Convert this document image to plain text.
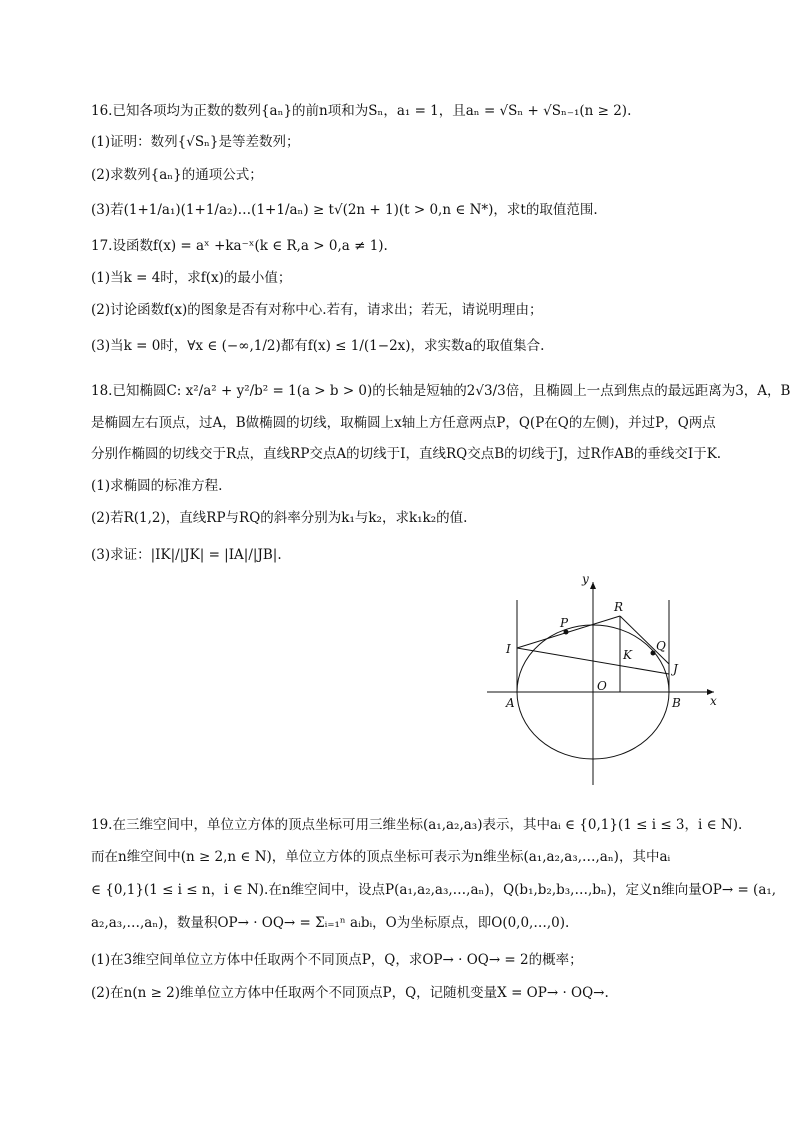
16.已知各项均为正数的数列{aₙ}的前n项和为Sₙ，a₁ = 1，且aₙ = √Sₙ + √Sₙ₋₁(n ≥ 2).
(1)证明：数列{√Sₙ}是等差数列；
(2)求数列{aₙ}的通项公式；
(3)若(1+1/a₁)(1+1/a₂)…(1+1/aₙ) ≥ t√(2n + 1)(t > 0,n ∈ N*)，求t的取值范围.
17.设函数f(x) = aˣ +ka⁻ˣ(k ∈ R,a > 0,a ≠ 1).
(1)当k = 4时，求f(x)的最小值；
(2)讨论函数f(x)的图象是否有对称中心.若有，请求出；若无，请说明理由；
(3)当k = 0时，∀x ∈ (−∞,1/2)都有f(x) ≤ 1/(1−2x)，求实数a的取值集合.
18.已知椭圆C: x²/a² + y²/b² = 1(a > b > 0)的长轴是短轴的2√3/3倍，且椭圆上一点到焦点的最远距离为3，A，B
是椭圆左右顶点，过A，B做椭圆的切线，取椭圆上x轴上方任意两点P，Q(P在Q的左侧)，并过P，Q两点
分别作椭圆的切线交于R点，直线RP交点A的切线于I，直线RQ交点B的切线于J，过R作AB的垂线交I于K.
(1)求椭圆的标准方程.
(2)若R(1,2)，直线RP与RQ的斜率分别为k₁与k₂，求k₁k₂的值.
(3)求证：|IK|/|JK| = |IA|/|JB|.
y
x
O
A	B
P
Q
R
I
J
K
19.在三维空间中，单位立方体的顶点坐标可用三维坐标(a₁,a₂,a₃)表示，其中aᵢ ∈ {0,1}(1 ≤ i ≤ 3，i ∈ N).
而在n维空间中(n ≥ 2,n ∈ N)，单位立方体的顶点坐标可表示为n维坐标(a₁,a₂,a₃,…,aₙ)，其中aᵢ
∈ {0,1}(1 ≤ i ≤ n，i ∈ N).在n维空间中，设点P(a₁,a₂,a₃,…,aₙ)，Q(b₁,b₂,b₃,…,bₙ)，定义n维向量OP→ = (a₁,
a₂,a₃,…,aₙ)，数量积OP→ · OQ→ = Σᵢ₌₁ⁿ aᵢbᵢ，O为坐标原点，即O(0,0,…,0).
(1)在3维空间单位立方体中任取两个不同顶点P，Q，求OP→ · OQ→ = 2的概率；
(2)在n(n ≥ 2)维单位立方体中任取两个不同顶点P，Q，记随机变量X = OP→ · OQ→.
